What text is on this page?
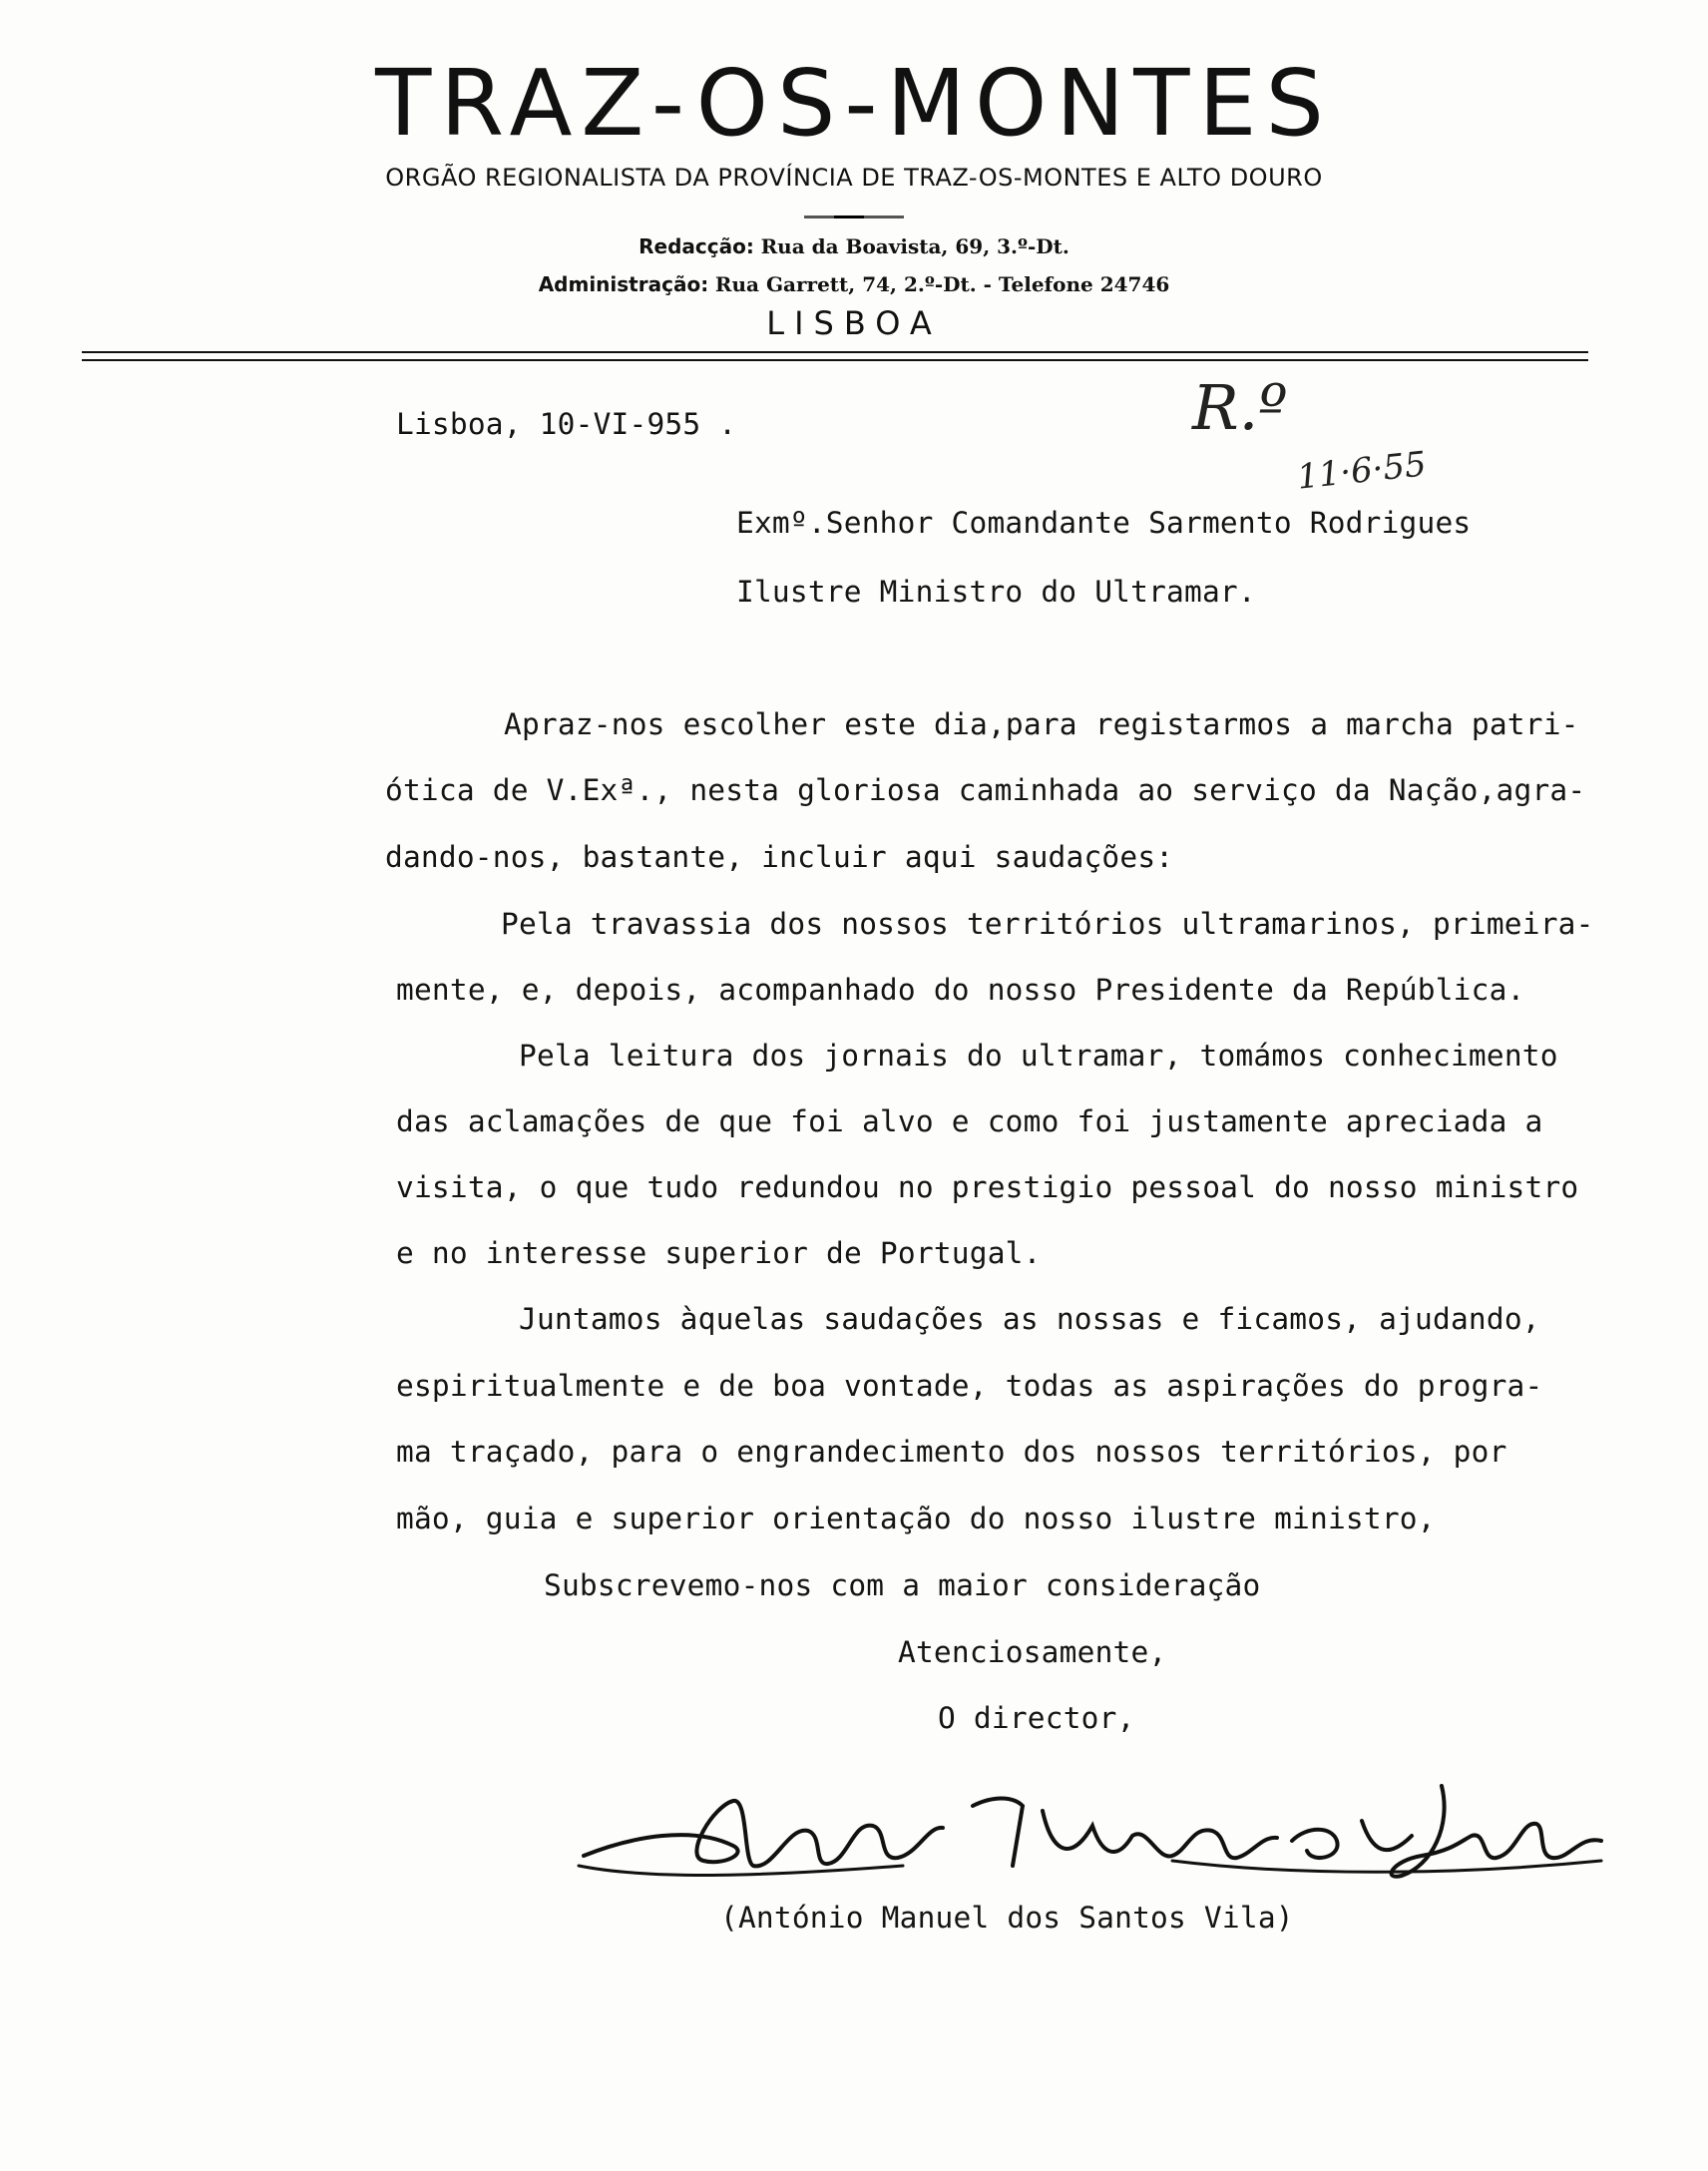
TRAZ-OS-MONTES
ORGÃO REGIONALISTA DA PROVÍNCIA DE TRAZ-OS-MONTES E ALTO DOURO
Redacção: Rua da Boavista, 69, 3.º-Dt.
Administração: Rua Garrett, 74, 2.º-Dt. - Telefone 24746
LISBOA
R.º
11·6·55
Lisboa, 10-VI-955 .
Exmº.Senhor Comandante Sarmento Rodrigues
Ilustre Ministro do Ultramar.
Apraz-nos escolher este dia,para registarmos a marcha patri-
ótica de V.Exª., nesta gloriosa caminhada ao serviço da Nação,agra-
dando-nos, bastante, incluir aqui saudações:
Pela travassia dos nossos territórios ultramarinos, primeira-
mente, e, depois, acompanhado do nosso Presidente da República.
Pela leitura dos jornais do ultramar, tomámos conhecimento
das aclamações de que foi alvo e como foi justamente apreciada a
visita, o que tudo redundou no prestigio pessoal do nosso ministro
e no interesse superior de Portugal.
Juntamos àquelas saudações as nossas e ficamos, ajudando,
espiritualmente e de boa vontade, todas as aspirações do progra-
ma traçado, para o engrandecimento dos nossos territórios, por
mão, guia e superior orientação do nosso ilustre ministro,
Subscrevemo-nos com a maior consideração
Atenciosamente,
O director,
(António Manuel dos Santos Vila)
